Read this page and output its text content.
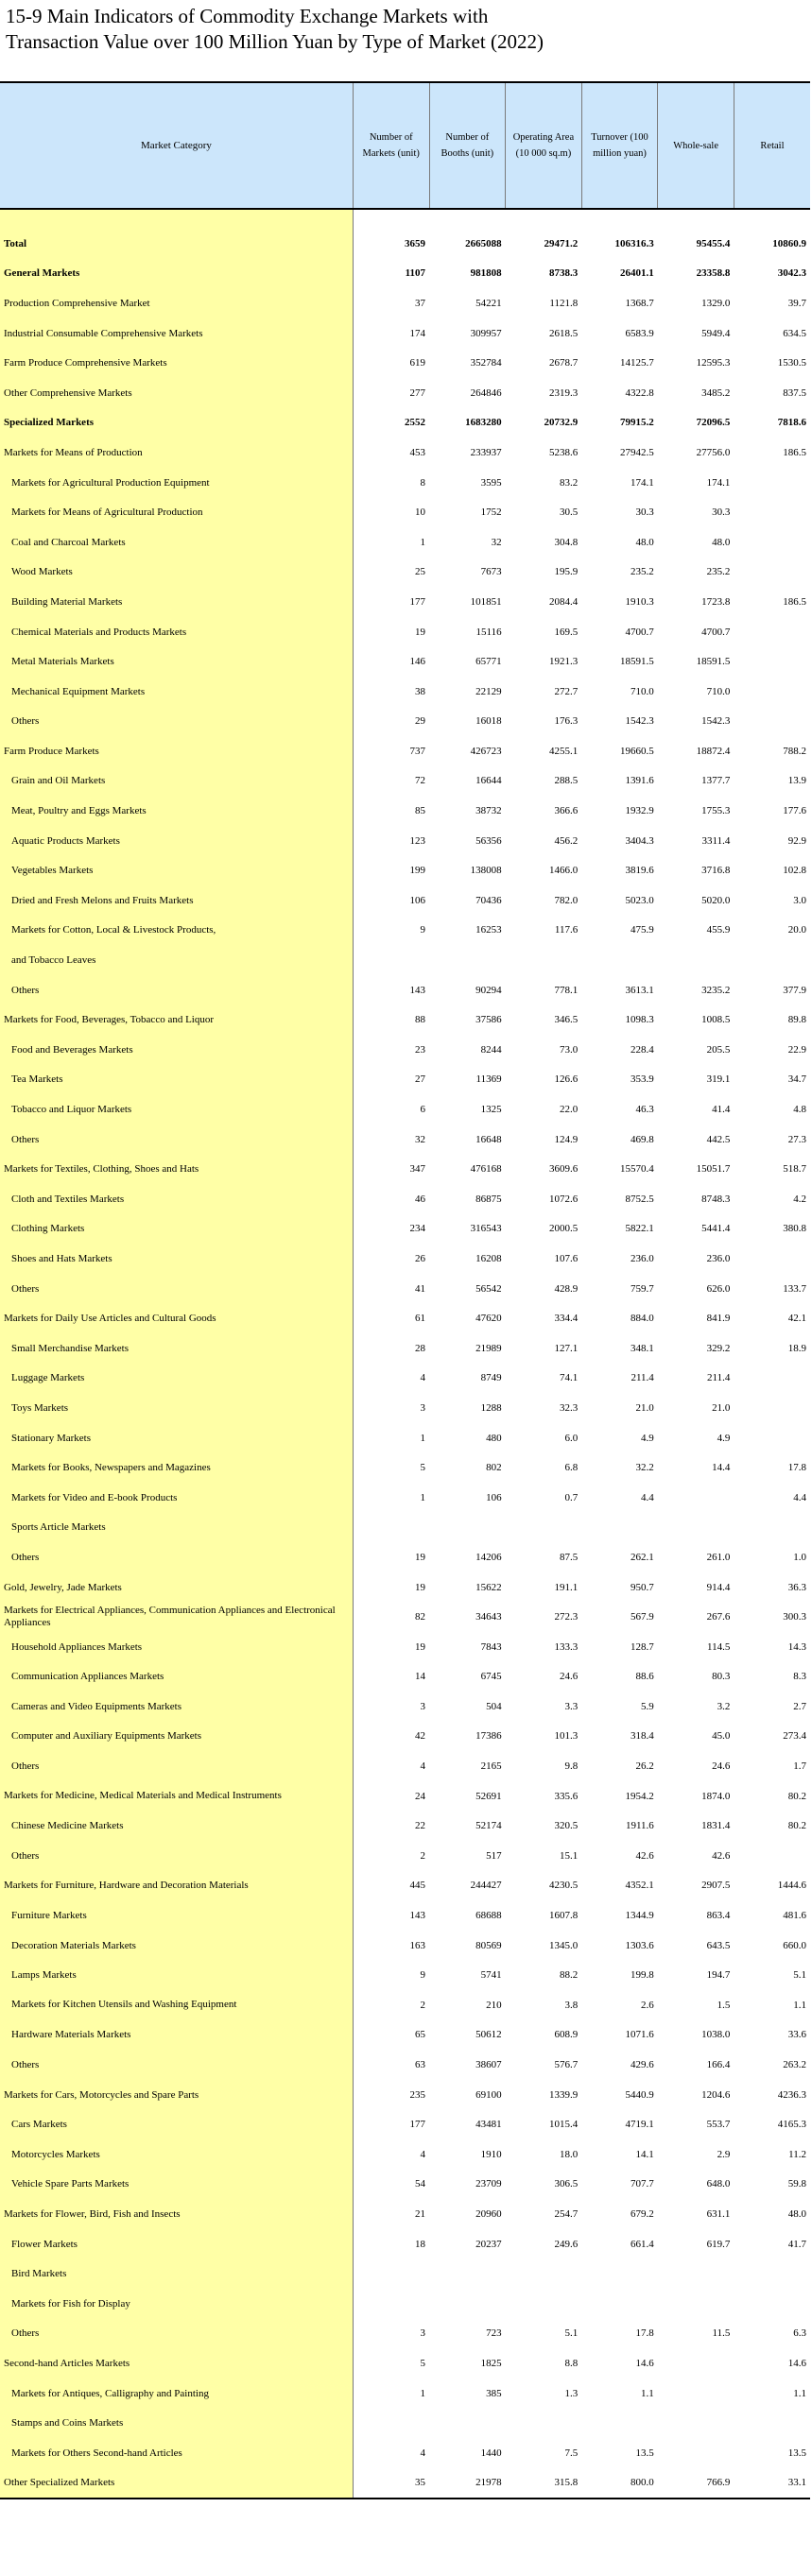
15-9 Main Indicators of Commodity Exchange Markets with
Transaction Value over 100 Million Yuan by Type of Market (2022)
Market Category	Number of Markets (unit)	Number of Booths (unit)	Operating Area (10 000 sq.m)	Turnover (100 million yuan)	Whole-sale	Retail

Total	3659	2665088	29471.2	106316.3	95455.4	10860.9
General Markets	1107	981808	8738.3	26401.1	23358.8	3042.3
Production Comprehensive Market	37	54221	1121.8	1368.7	1329.0	39.7
Industrial Consumable Comprehensive Markets	174	309957	2618.5	6583.9	5949.4	634.5
Farm Produce Comprehensive Markets	619	352784	2678.7	14125.7	12595.3	1530.5
Other Comprehensive Markets	277	264846	2319.3	4322.8	3485.2	837.5
Specialized Markets	2552	1683280	20732.9	79915.2	72096.5	7818.6
Markets for Means of Production	453	233937	5238.6	27942.5	27756.0	186.5
Markets for Agricultural Production Equipment	8	3595	83.2	174.1	174.1	
Markets for Means of Agricultural Production	10	1752	30.5	30.3	30.3	
Coal and Charcoal Markets	1	32	304.8	48.0	48.0	
Wood Markets	25	7673	195.9	235.2	235.2	
Building Material Markets	177	101851	2084.4	1910.3	1723.8	186.5
Chemical Materials and Products Markets	19	15116	169.5	4700.7	4700.7	
Metal Materials Markets	146	65771	1921.3	18591.5	18591.5	
Mechanical Equipment Markets	38	22129	272.7	710.0	710.0	
Others	29	16018	176.3	1542.3	1542.3	
Farm Produce Markets	737	426723	4255.1	19660.5	18872.4	788.2
Grain and Oil Markets	72	16644	288.5	1391.6	1377.7	13.9
Meat, Poultry and Eggs Markets	85	38732	366.6	1932.9	1755.3	177.6
Aquatic Products Markets	123	56356	456.2	3404.3	3311.4	92.9
Vegetables Markets	199	138008	1466.0	3819.6	3716.8	102.8
Dried and Fresh Melons and Fruits Markets	106	70436	782.0	5023.0	5020.0	3.0
Markets for Cotton, Local & Livestock Products,	9	16253	117.6	475.9	455.9	20.0
and Tobacco Leaves						
Others	143	90294	778.1	3613.1	3235.2	377.9
Markets for Food, Beverages, Tobacco and Liquor	88	37586	346.5	1098.3	1008.5	89.8
Food and Beverages Markets	23	8244	73.0	228.4	205.5	22.9
Tea Markets	27	11369	126.6	353.9	319.1	34.7
Tobacco and Liquor Markets	6	1325	22.0	46.3	41.4	4.8
Others	32	16648	124.9	469.8	442.5	27.3
Markets for Textiles, Clothing, Shoes and Hats	347	476168	3609.6	15570.4	15051.7	518.7
Cloth and Textiles Markets	46	86875	1072.6	8752.5	8748.3	4.2
Clothing Markets	234	316543	2000.5	5822.1	5441.4	380.8
Shoes and Hats Markets	26	16208	107.6	236.0	236.0	
Others	41	56542	428.9	759.7	626.0	133.7
Markets for Daily Use Articles and Cultural Goods	61	47620	334.4	884.0	841.9	42.1
Small Merchandise Markets	28	21989	127.1	348.1	329.2	18.9
Luggage Markets	4	8749	74.1	211.4	211.4	
Toys Markets	3	1288	32.3	21.0	21.0	
Stationary Markets	1	480	6.0	4.9	4.9	
Markets for Books, Newspapers and Magazines	5	802	6.8	32.2	14.4	17.8
Markets for Video and E-book Products	1	106	0.7	4.4		4.4
Sports Article Markets						
Others	19	14206	87.5	262.1	261.0	1.0
Gold, Jewelry, Jade Markets	19	15622	191.1	950.7	914.4	36.3
Markets for Electrical Appliances, Communication Appliances and Electronical Appliances	82	34643	272.3	567.9	267.6	300.3
Household Appliances Markets	19	7843	133.3	128.7	114.5	14.3
Communication Appliances Markets	14	6745	24.6	88.6	80.3	8.3
Cameras and Video Equipments Markets	3	504	3.3	5.9	3.2	2.7
Computer and Auxiliary Equipments Markets	42	17386	101.3	318.4	45.0	273.4
Others	4	2165	9.8	26.2	24.6	1.7
Markets for Medicine, Medical Materials and Medical Instruments	24	52691	335.6	1954.2	1874.0	80.2
Chinese Medicine Markets	22	52174	320.5	1911.6	1831.4	80.2
Others	2	517	15.1	42.6	42.6	
Markets for Furniture, Hardware and Decoration Materials	445	244427	4230.5	4352.1	2907.5	1444.6
Furniture Markets	143	68688	1607.8	1344.9	863.4	481.6
Decoration Materials Markets	163	80569	1345.0	1303.6	643.5	660.0
Lamps Markets	9	5741	88.2	199.8	194.7	5.1
Markets for Kitchen Utensils and Washing Equipment	2	210	3.8	2.6	1.5	1.1
Hardware Materials Markets	65	50612	608.9	1071.6	1038.0	33.6
Others	63	38607	576.7	429.6	166.4	263.2
Markets for Cars, Motorcycles and Spare Parts	235	69100	1339.9	5440.9	1204.6	4236.3
Cars Markets	177	43481	1015.4	4719.1	553.7	4165.3
Motorcycles Markets	4	1910	18.0	14.1	2.9	11.2
Vehicle Spare Parts Markets	54	23709	306.5	707.7	648.0	59.8
Markets for Flower, Bird, Fish and Insects	21	20960	254.7	679.2	631.1	48.0
Flower Markets	18	20237	249.6	661.4	619.7	41.7
Bird Markets						
Markets for Fish for Display						
Others	3	723	5.1	17.8	11.5	6.3
Second-hand Articles Markets	5	1825	8.8	14.6		14.6
Markets for Antiques, Calligraphy and Painting	1	385	1.3	1.1		1.1
Stamps and Coins Markets						
Markets for Others Second-hand Articles	4	1440	7.5	13.5		13.5
Other Specialized Markets	35	21978	315.8	800.0	766.9	33.1
